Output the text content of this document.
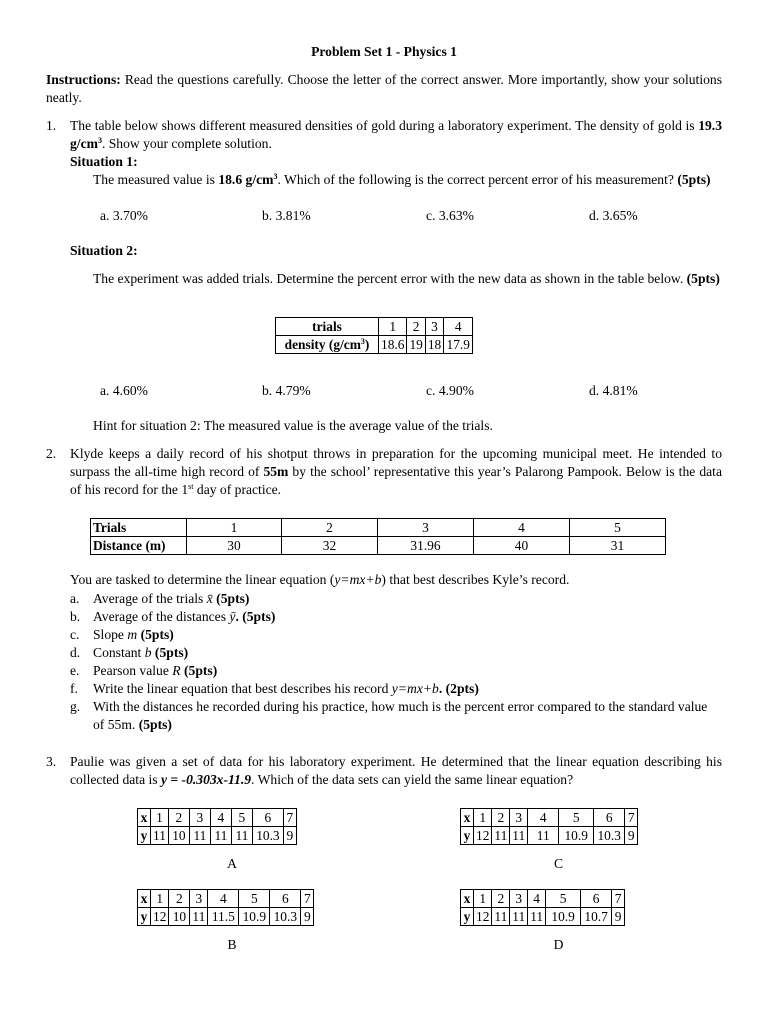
Problem Set 1 - Physics 1
Instructions: Read the questions carefully. Choose the letter of the correct answer. More importantly, show your solutions neatly.
1. The table below shows different measured densities of gold during a laboratory experiment. The density of gold is 19.3 $g/cm^3$. Show your complete solution.
Situation 1:
The measured value is 18.6 $g/cm^3$. Which of the following is the correct percent error of his measurement? (5pts)
a. 3.70%	b. 3.81%	c. 3.63%	d. 3.65%
Situation 2:
The experiment was added trials. Determine the percent error with the new data as shown in the table below. (5pts)
trials	1	2	3	4
density $(g/cm^3)$	18.6	19	18	17.9
a. 4.60%	b. 4.79%	c. 4.90%	d. 4.81%
Hint for situation 2: The measured value is the average value of the trials.
2. Klyde keeps a daily record of his shotput throws in preparation for the upcoming municipal meet. He intended to surpass the all-time high record of 55m by the school’ representative this year’s Palarong Pampook. Below is the data of his record for the 1st day of practice.
Trials	1	2	3	4	5
Distance (m)	30	32	31.96	40	31
You are tasked to determine the linear equation (y=mx+b) that best describes Kyle’s record.
a. Average of the trials x̄ (5pts)
b. Average of the distances ȳ. (5pts)
c. Slope m (5pts)
d. Constant b (5pts)
e. Pearson value R (5pts)
f. Write the linear equation that best describes his record y=mx+b. (2pts)
g. With the distances he recorded during his practice, how much is the percent error compared to the standard value of 55m. (5pts)
3. Paulie was given a set of data for his laboratory experiment. He determined that the linear equation describing his collected data is y = -0.303x-11.9. Which of the data sets can yield the same linear equation?
x	1	2	3	4	5	6	7
y	11	10	11	11	11	10.3	9
A
x	1	2	3	4	5	6	7
y	12	11	11	11	10.9	10.3	9
C
x	1	2	3	4	5	6	7
y	12	10	11	11.5	10.9	10.3	9
B
x	1	2	3	4	5	6	7
y	12	11	11	11	10.9	10.7	9
D
